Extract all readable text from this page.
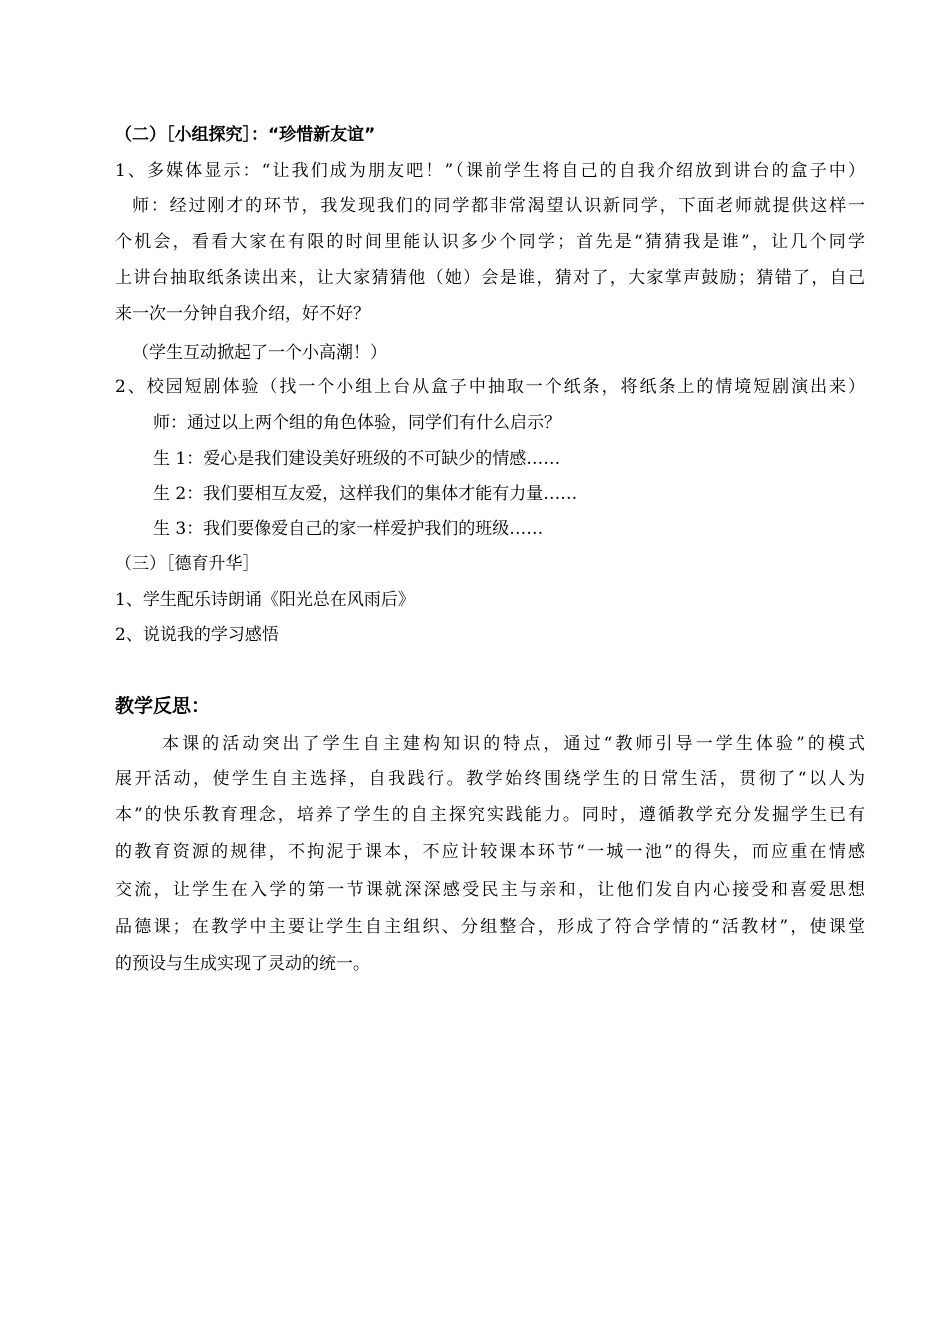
（二）［小组探究］：“珍惜新友谊”
1、多媒体显示：“让我们成为朋友吧！”（课前学生将自己的自我介绍放到讲台的盒子中）
师：经过刚才的环节，我发现我们的同学都非常渴望认识新同学，下面老师就提供这样一
个机会，看看大家在有限的时间里能认识多少个同学；首先是“猜猜我是谁”，让几个同学
上讲台抽取纸条读出来，让大家猜猜他（她）会是谁，猜对了，大家掌声鼓励；猜错了，自己
来一次一分钟自我介绍，好不好？
（学生互动掀起了一个小高潮！）
2、校园短剧体验（找一个小组上台从盒子中抽取一个纸条，将纸条上的情境短剧演出来）
师：通过以上两个组的角色体验，同学们有什么启示？
生 1：爱心是我们建设美好班级的不可缺少的情感……
生 2：我们要相互友爱，这样我们的集体才能有力量……
生 3：我们要像爱自己的家一样爱护我们的班级……
（三）［德育升华］
1、学生配乐诗朗诵《阳光总在风雨后》
2、说说我的学习感悟
教学反思：
本课的活动突出了学生自主建构知识的特点，通过“教师引导一学生体验”的模式
展开活动，使学生自主选择，自我践行。教学始终围绕学生的日常生活，贯彻了“以人为
本”的快乐教育理念，培养了学生的自主探究实践能力。同时，遵循教学充分发掘学生已有
的教育资源的规律，不拘泥于课本，不应计较课本环节“一城一池”的得失，而应重在情感
交流，让学生在入学的第一节课就深深感受民主与亲和，让他们发自内心接受和喜爱思想
品德课；在教学中主要让学生自主组织、分组整合，形成了符合学情的“活教材”，使课堂
的预设与生成实现了灵动的统一。
